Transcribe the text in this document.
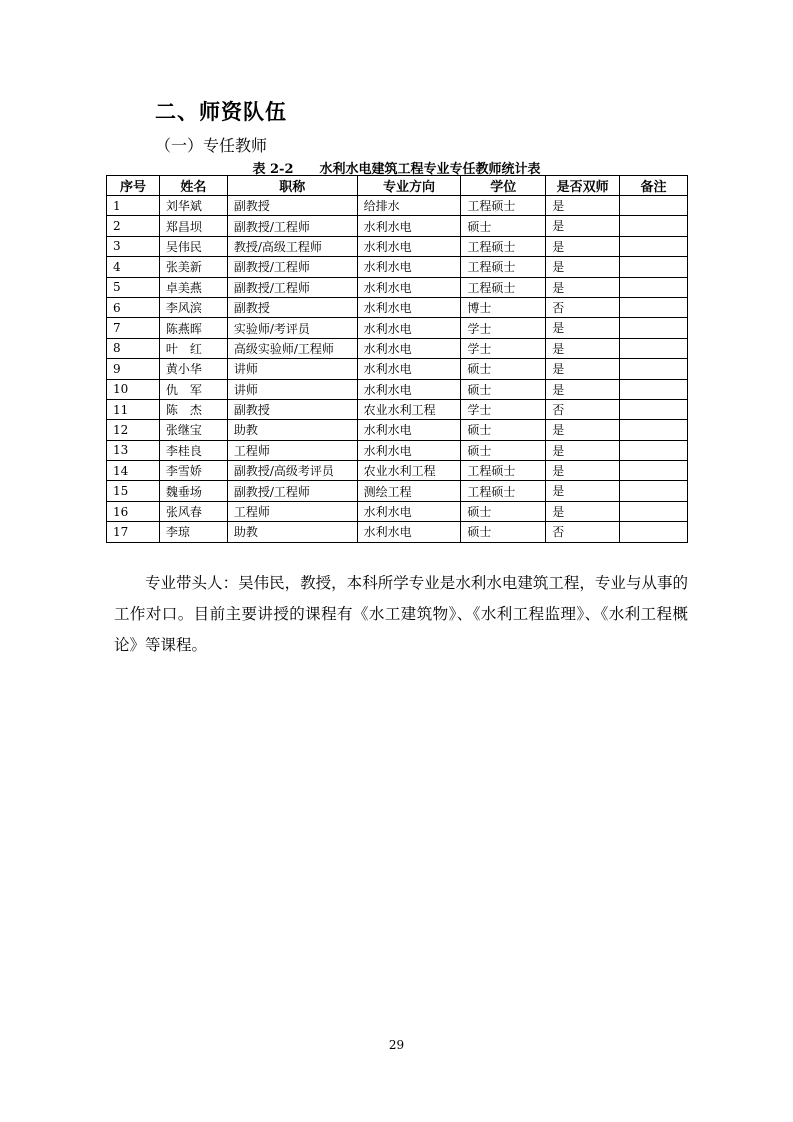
二、师资队伍
（一）专任教师
表 2-2 水利水电建筑工程专业专任教师统计表
序号	姓名	职称	专业方向	学位	是否双师	备注
1	刘华斌	副教授	给排水	工程硕士	是	
2	郑昌坝	副教授/工程师	水利水电	硕士	是	
3	吴伟民	教授/高级工程师	水利水电	工程硕士	是	
4	张美新	副教授/工程师	水利水电	工程硕士	是	
5	卓美燕	副教授/工程师	水利水电	工程硕士	是	
6	李风滨	副教授	水利水电	博士	否	
7	陈燕晖	实验师/考评员	水利水电	学士	是	
8	叶　红	高级实验师/工程师	水利水电	学士	是	
9	黄小华	讲师	水利水电	硕士	是	
10	仇　军	讲师	水利水电	硕士	是	
11	陈　杰	副教授	农业水利工程	学士	否	
12	张继宝	助教	水利水电	硕士	是	
13	李桂良	工程师	水利水电	硕士	是	
14	李雪娇	副教授/高级考评员	农业水利工程	工程硕士	是	
15	魏垂场	副教授/工程师	测绘工程	工程硕士	是	
16	张风春	工程师	水利水电	硕士	是	
17	李琼	助教	水利水电	硕士	否	
专业带头人：吴伟民，教授，本科所学专业是水利水电建筑工程，专业与从事的工作对口。目前主要讲授的课程有《水工建筑物》、《水利工程监理》、《水利工程概论》等课程。
29
